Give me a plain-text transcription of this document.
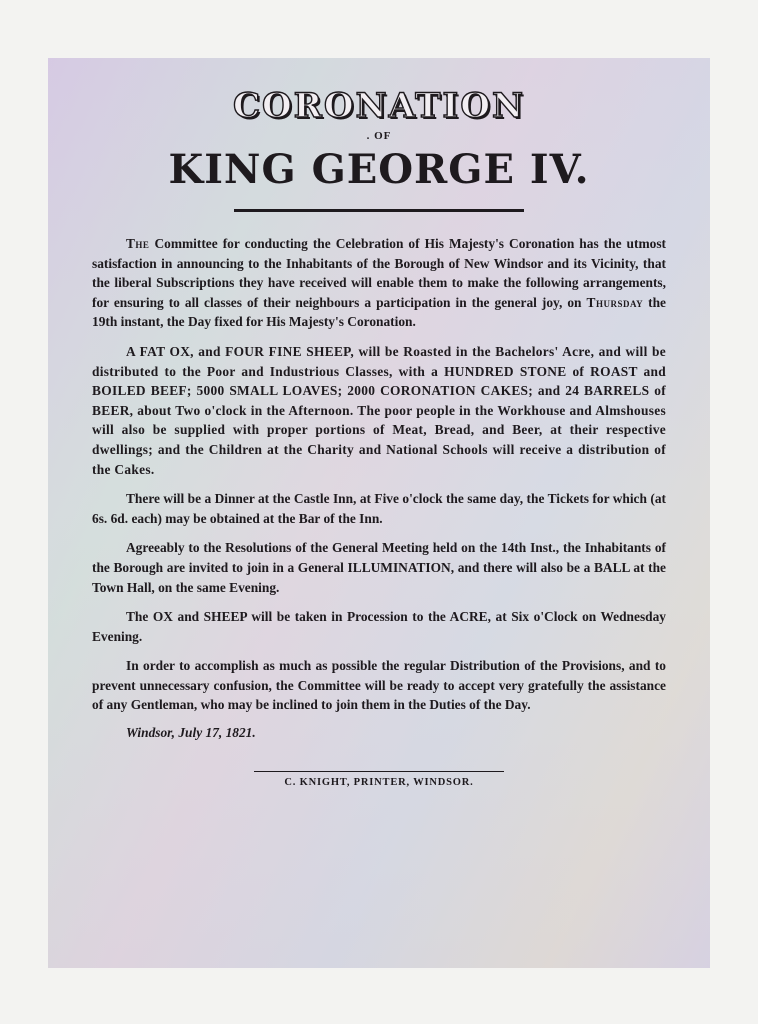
CORONATION
. OF
KING GEORGE IV.

The Committee for conducting the Celebration of His Majesty's Coronation has the utmost satisfaction in announcing to the Inhabitants of the Borough of New Windsor and its Vicinity, that the liberal Subscriptions they have received will enable them to make the following arrangements, for ensuring to all classes of their neighbours a participation in the general joy, on Thursday the 19th instant, the Day fixed for His Majesty's Coronation.

A FAT OX, and FOUR FINE SHEEP, will be Roasted in the Bachelors' Acre, and will be distributed to the Poor and Industrious Classes, with a HUNDRED STONE of ROAST and BOILED BEEF; 5000 SMALL LOAVES; 2000 CORONATION CAKES; and 24 BARRELS of BEER, about Two o'clock in the Afternoon. The poor people in the Workhouse and Almshouses will also be supplied with proper portions of Meat, Bread, and Beer, at their respective dwellings; and the Children at the Charity and National Schools will receive a distribution of the Cakes.

There will be a Dinner at the Castle Inn, at Five o'clock the same day, the Tickets for which (at 6s. 6d. each) may be obtained at the Bar of the Inn.

Agreeably to the Resolutions of the General Meeting held on the 14th Inst., the Inhabitants of the Borough are invited to join in a General ILLUMINATION, and there will also be a BALL at the Town Hall, on the same Evening.

The OX and SHEEP will be taken in Procession to the ACRE, at Six o'Clock on Wednesday Evening.

In order to accomplish as much as possible the regular Distribution of the Provisions, and to prevent unnecessary confusion, the Committee will be ready to accept very gratefully the assistance of any Gentleman, who may be inclined to join them in the Duties of the Day.

Windsor, July 17, 1821.
C. KNIGHT, PRINTER, WINDSOR.
